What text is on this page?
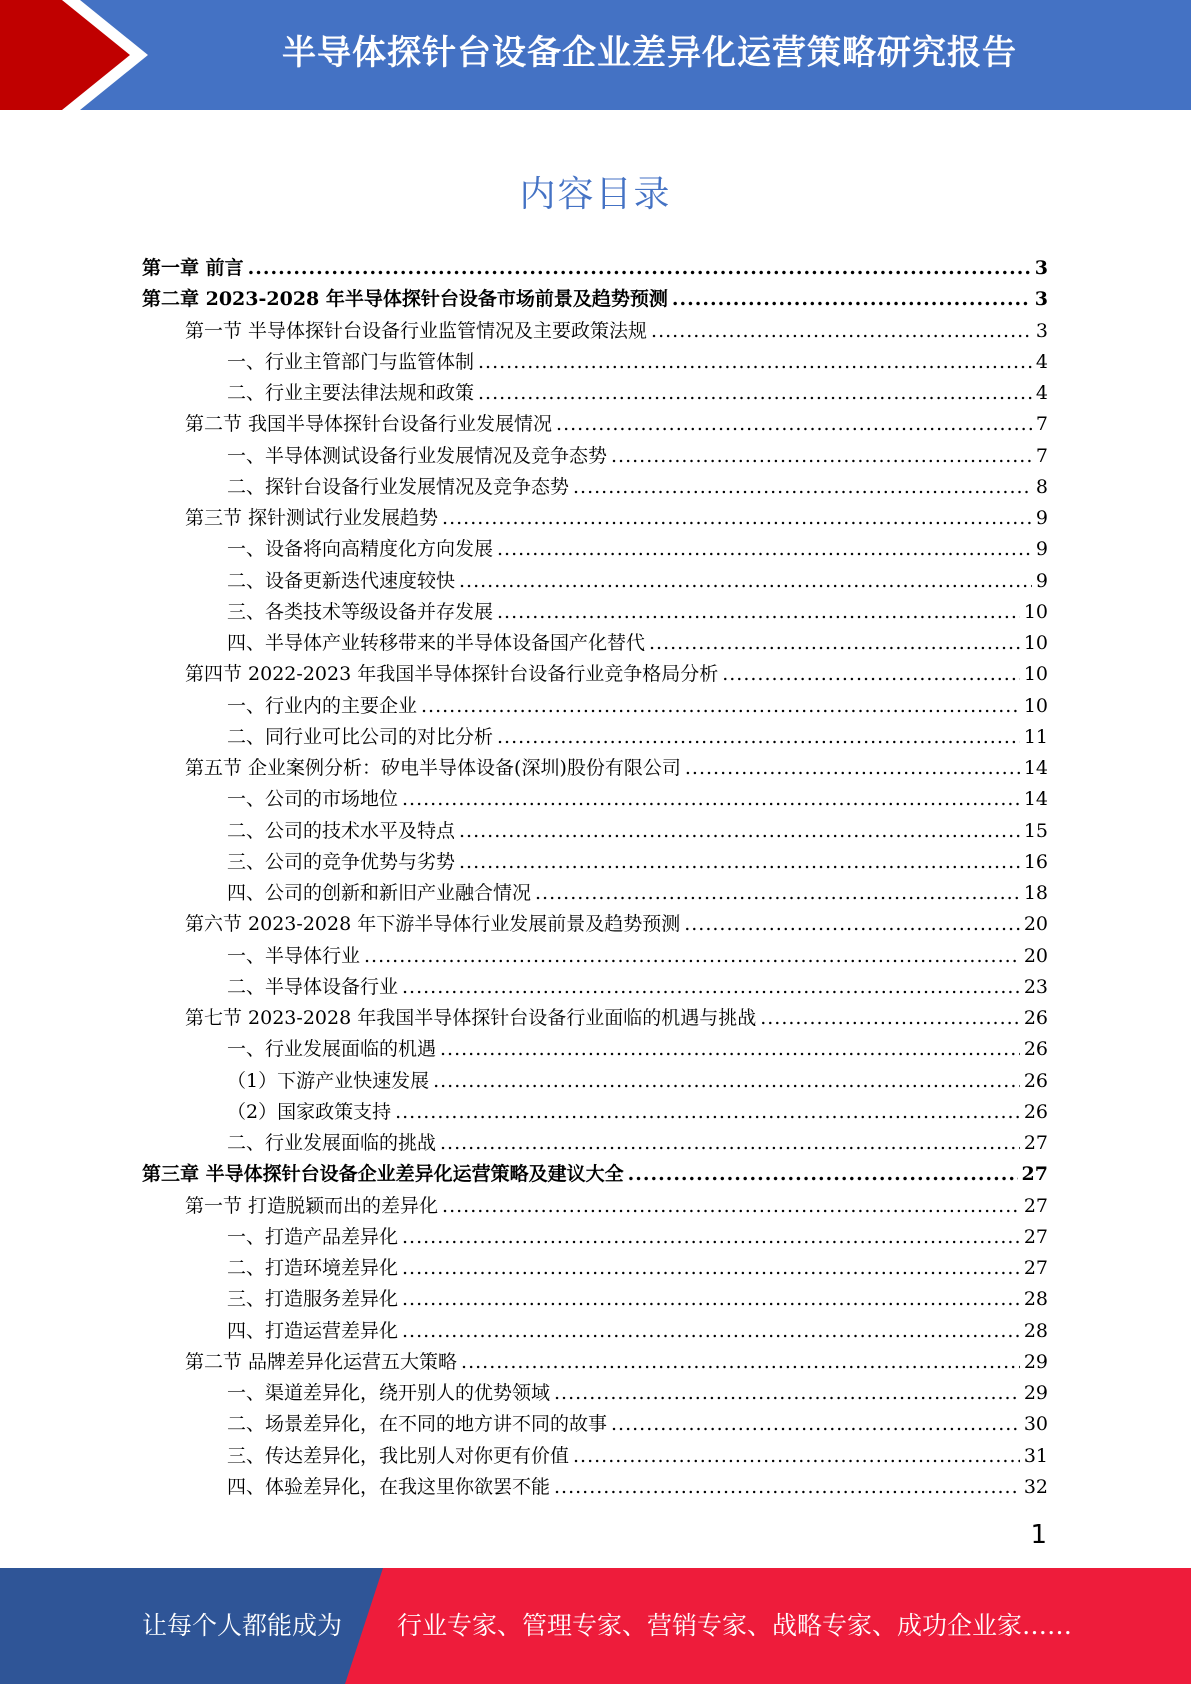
半导体探针台设备企业差异化运营策略研究报告
内容目录
第一章 前言 .....	3
第二章 2023-2028 年半导体探针台设备市场前景及趋势预测 .....	3
第一节 半导体探针台设备行业监管情况及主要政策法规 .....	3
一、行业主管部门与监管体制 .....	4
二、行业主要法律法规和政策 .....	4
第二节 我国半导体探针台设备行业发展情况 .....	7
一、半导体测试设备行业发展情况及竞争态势 .....	7
二、探针台设备行业发展情况及竞争态势 .....	8
第三节 探针测试行业发展趋势 .....	9
一、设备将向高精度化方向发展 .....	9
二、设备更新迭代速度较快 .....	9
三、各类技术等级设备并存发展 .....	10
四、半导体产业转移带来的半导体设备国产化替代 .....	10
第四节 2022-2023 年我国半导体探针台设备行业竞争格局分析 .....	10
一、行业内的主要企业 .....	10
二、同行业可比公司的对比分析 .....	11
第五节 企业案例分析：矽电半导体设备(深圳)股份有限公司 .....	14
一、公司的市场地位 .....	14
二、公司的技术水平及特点 .....	15
三、公司的竞争优势与劣势 .....	16
四、公司的创新和新旧产业融合情况 .....	18
第六节 2023-2028 年下游半导体行业发展前景及趋势预测 .....	20
一、半导体行业 .....	20
二、半导体设备行业 .....	23
第七节 2023-2028 年我国半导体探针台设备行业面临的机遇与挑战 .....	26
一、行业发展面临的机遇 .....	26
（1）下游产业快速发展 .....	26
（2）国家政策支持 .....	26
二、行业发展面临的挑战 .....	27
第三章 半导体探针台设备企业差异化运营策略及建议大全 .....	27
第一节 打造脱颖而出的差异化 .....	27
一、打造产品差异化 .....	27
二、打造环境差异化 .....	27
三、打造服务差异化 .....	28
四、打造运营差异化 .....	28
第二节 品牌差异化运营五大策略 .....	29
一、渠道差异化，绕开别人的优势领域 .....	29
二、场景差异化，在不同的地方讲不同的故事 .....	30
三、传达差异化，我比别人对你更有价值 .....	31
四、体验差异化，在我这里你欲罢不能 .....	32
1
让每个人都能成为 行业专家、管理专家、营销专家、战略专家、成功企业家……
